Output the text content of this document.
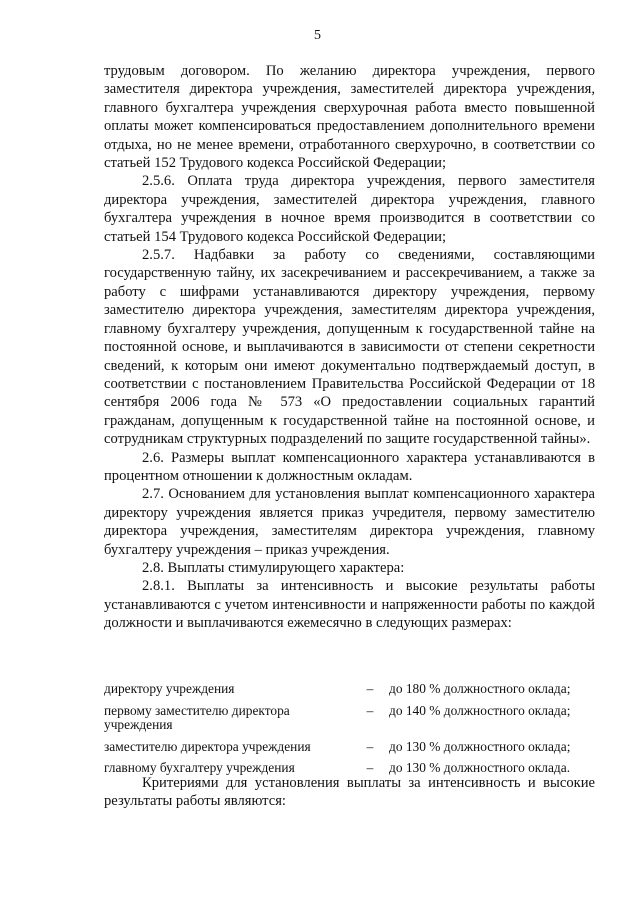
5

трудовым договором. По желанию директора учреждения, первого заместителя директора учреждения, заместителей директора учреждения, главного бухгалтера учреждения сверхурочная работа вместо повышенной оплаты может компенсироваться предоставлением дополнительного времени отдыха, но не менее времени, отработанного сверхурочно, в соответствии со статьей 152 Трудового кодекса Российской Федерации;

2.5.6. Оплата труда директора учреждения, первого заместителя директора учреждения, заместителей директора учреждения, главного бухгалтера учреждения в ночное время производится в соответствии со статьей 154 Трудового кодекса Российской Федерации;

2.5.7. Надбавки за работу со сведениями, составляющими государственную тайну, их засекречиванием и рассекречиванием, а также за работу с шифрами устанавливаются директору учреждения, первому заместителю директора учреждения, заместителям директора учреждения, главному бухгалтеру учреждения, допущенным к государственной тайне на постоянной основе, и выплачиваются в зависимости от степени секретности сведений, к которым они имеют документально подтверждаемый доступ, в соответствии с постановлением Правительства Российской Федерации от 18 сентября 2006 года № 573 «О предоставлении социальных гарантий гражданам, допущенным к государственной тайне на постоянной основе, и сотрудникам структурных подразделений по защите государственной тайны».

2.6. Размеры выплат компенсационного характера устанавливаются в процентном отношении к должностным окладам.

2.7. Основанием для установления выплат компенсационного характера директору учреждения является приказ учредителя, первому заместителю директора учреждения, заместителям директора учреждения, главному бухгалтеру учреждения – приказ учреждения.

2.8. Выплаты стимулирующего характера:

2.8.1. Выплаты за интенсивность и высокие результаты работы устанавливаются с учетом интенсивности и напряженности работы по каждой должности и выплачиваются ежемесячно в следующих размерах:

директору учреждения	–	до 180 % должностного оклада;
первому заместителю директора учреждения	–	до 140 % должностного оклада;
заместителю директора учреждения	–	до 130 % должностного оклада;
главному бухгалтеру учреждения	–	до 130 % должностного оклада.

Критериями для установления выплаты за интенсивность и высокие результаты работы являются:
